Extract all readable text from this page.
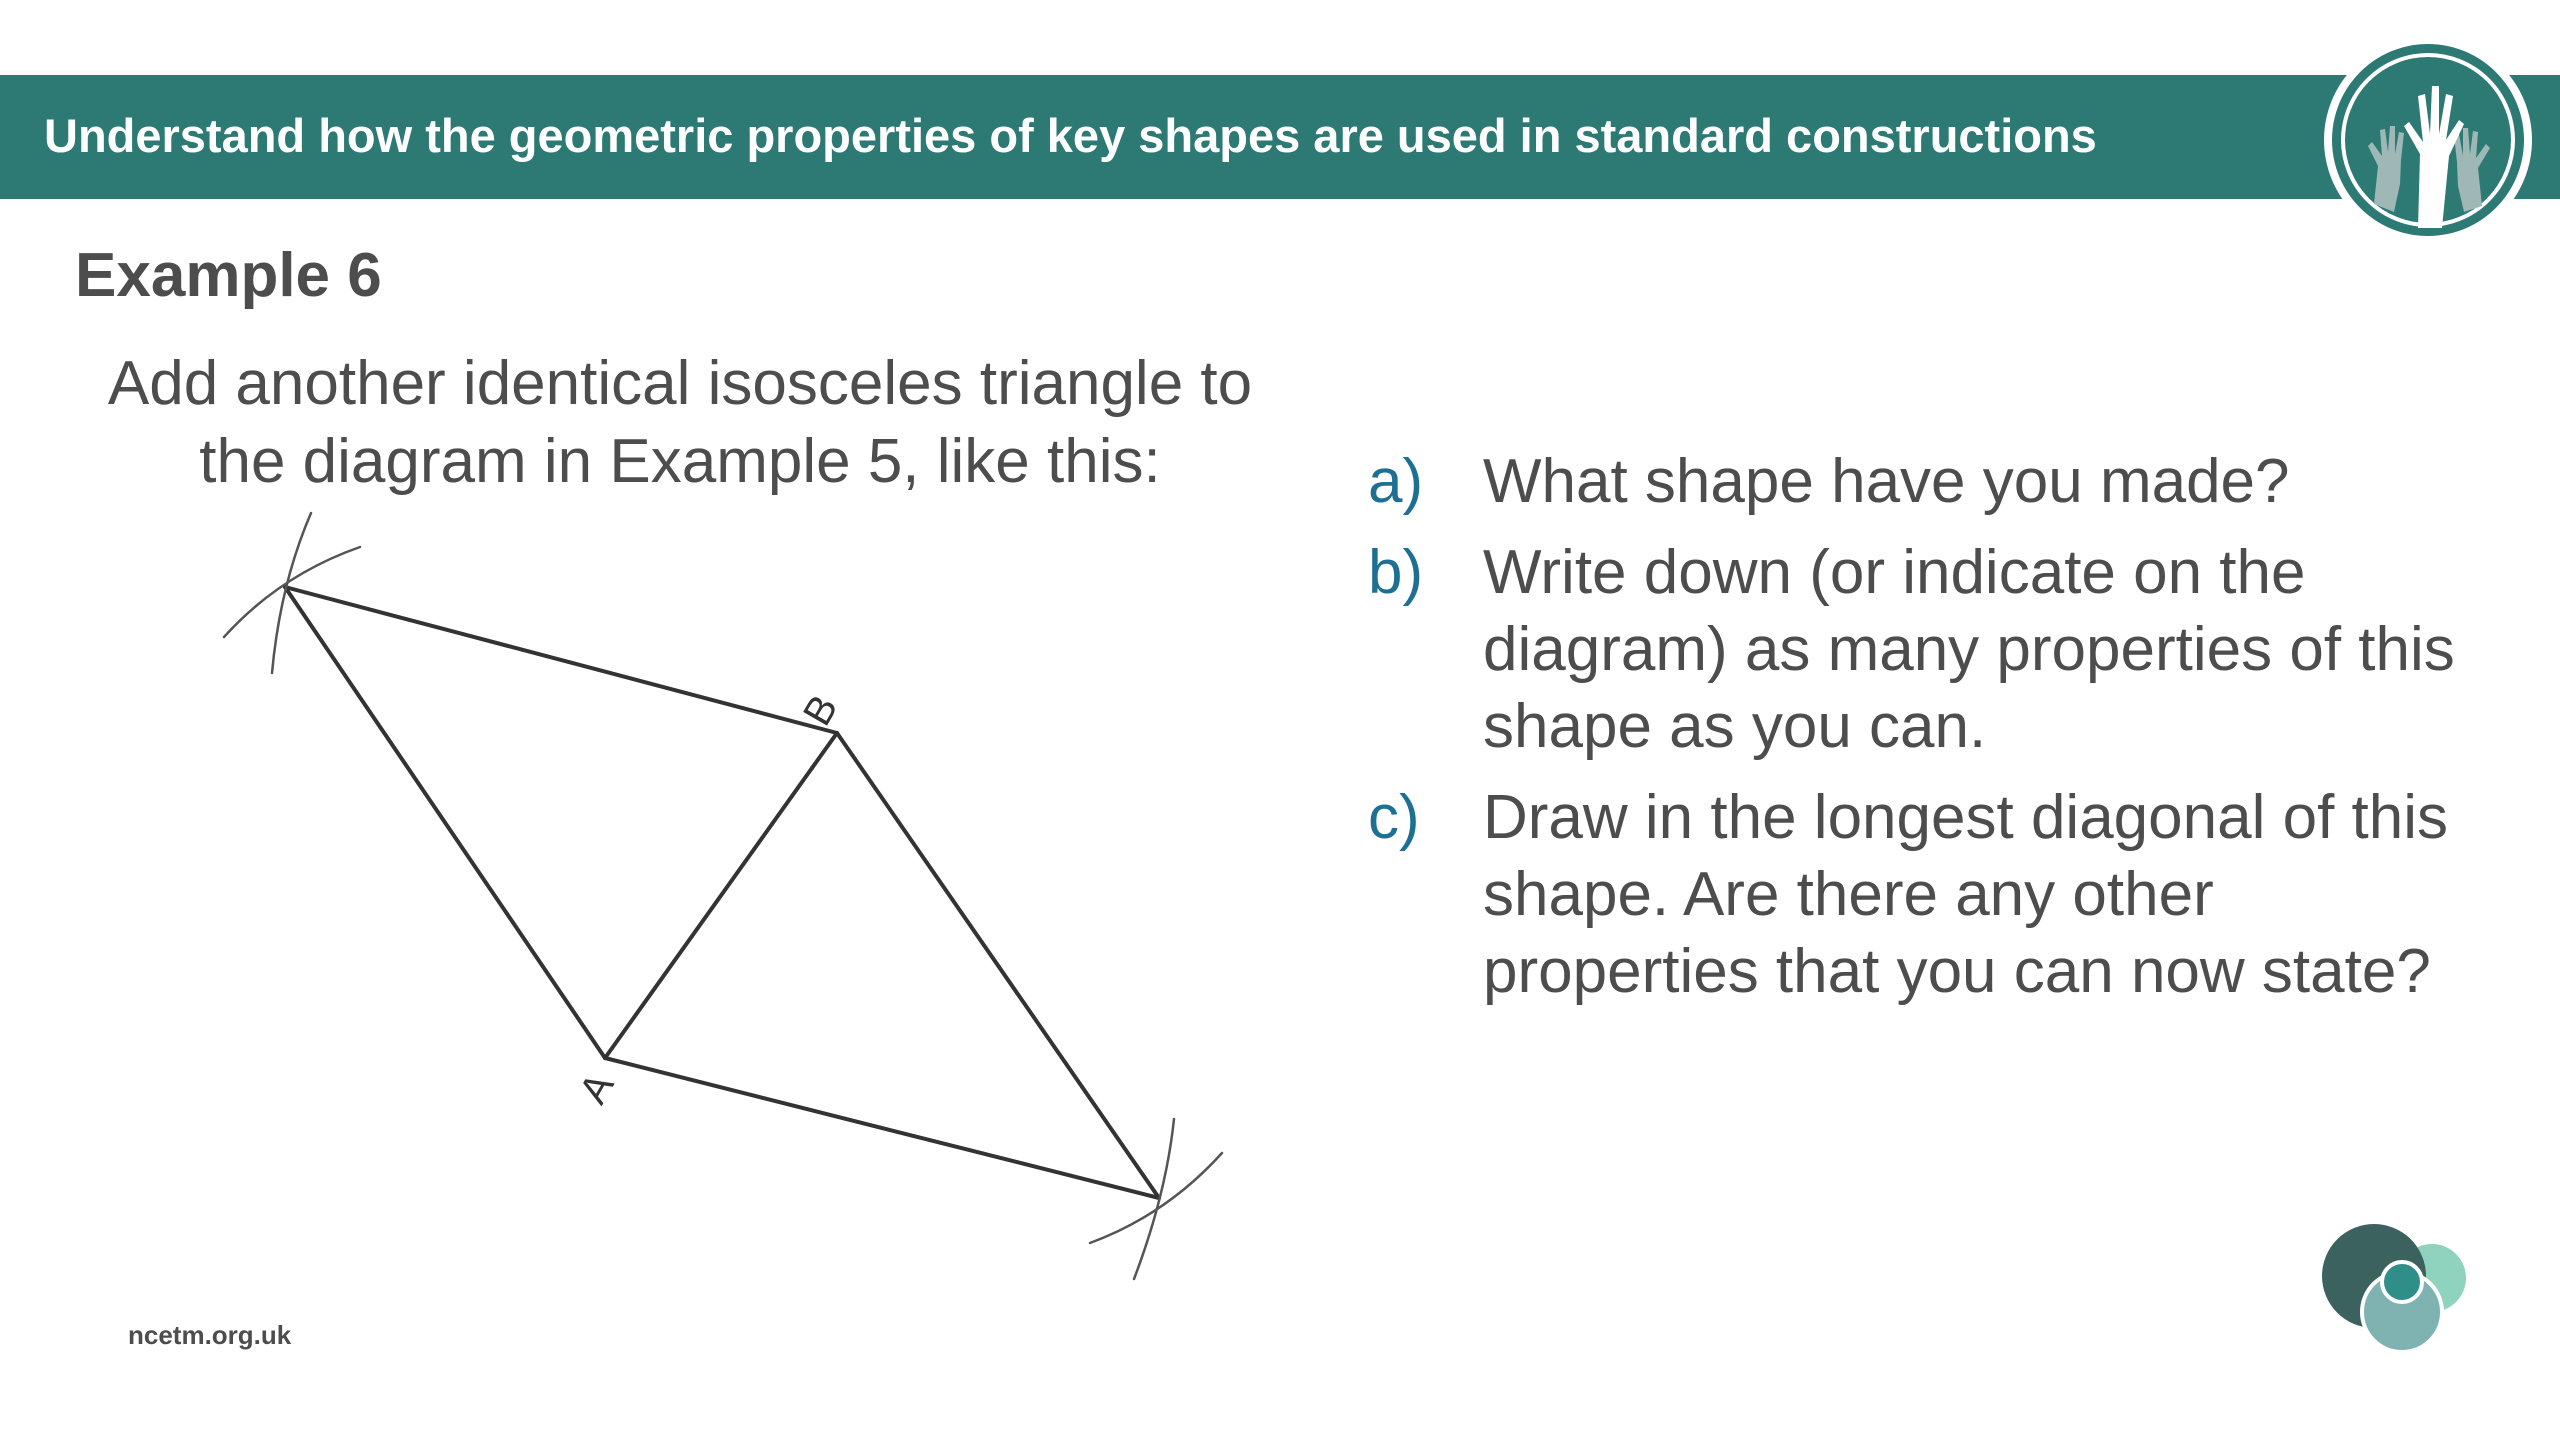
Understand how the geometric properties of key shapes are used in standard constructions
Example 6
Add another identical isosceles triangle to
the diagram in Example 5, like this:
B
A
a) What shape have you made?
b) Write down (or indicate on the diagram) as many properties of this shape as you can.
c)	Draw in the longest diagonal of this shape. Are there any other properties that you can now state?
ncetm.org.uk
